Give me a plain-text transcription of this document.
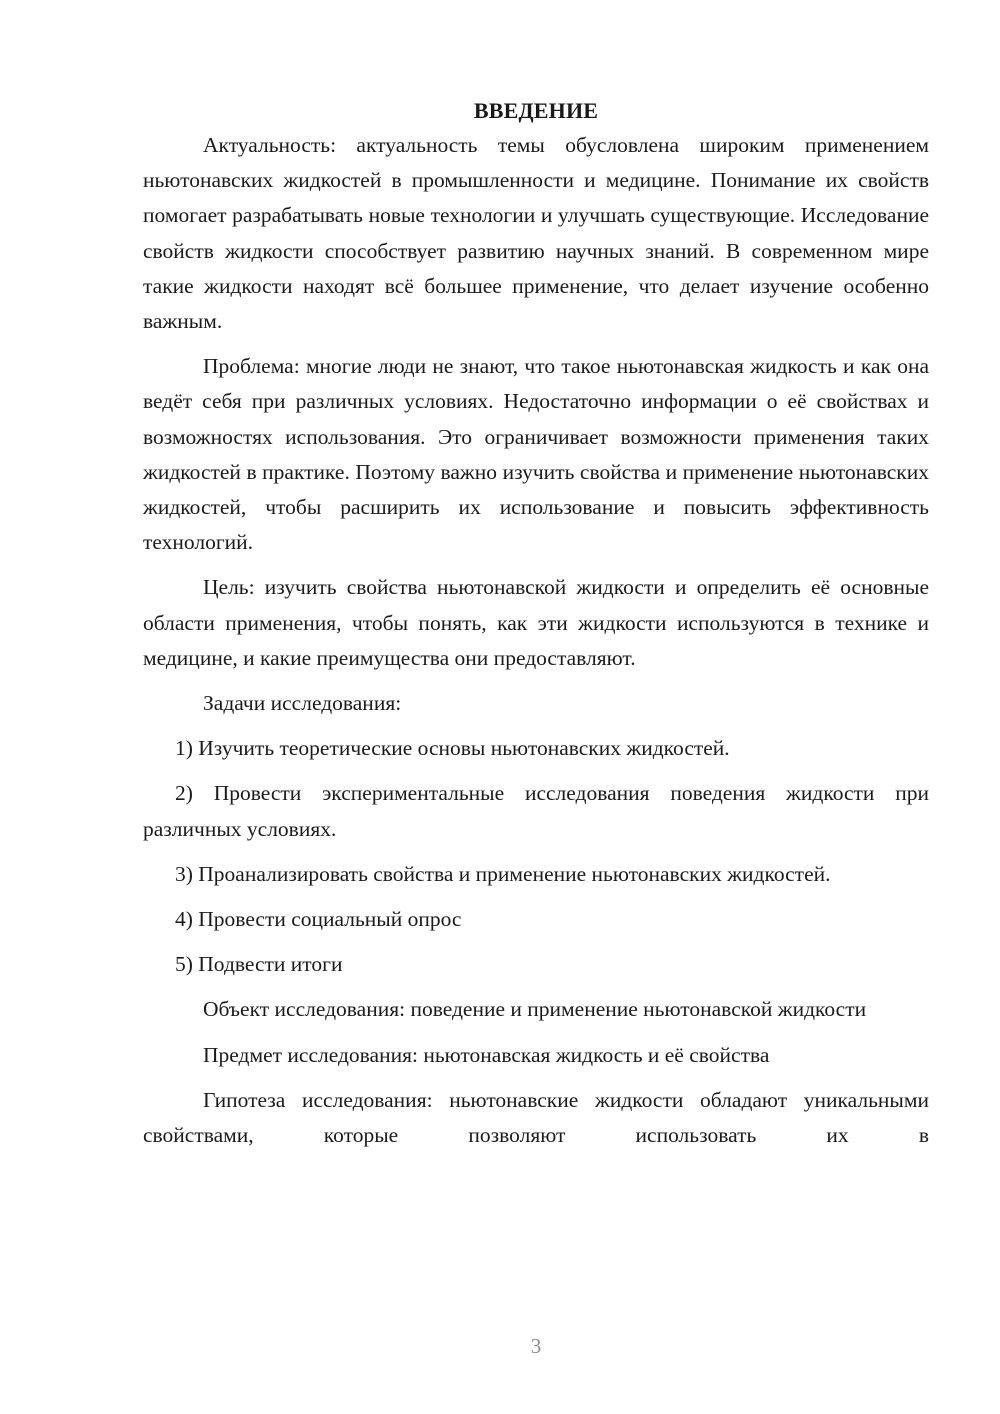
ВВЕДЕНИЕ

Актуальность: актуальность темы обусловлена широким применением ньютонавских жидкостей в промышленности и медицине. Понимание их свойств помогает разрабатывать новые технологии и улучшать существующие. Исследование свойств жидкости способствует развитию научных знаний. В современном мире такие жидкости находят всё большее применение, что делает изучение особенно важным.

Проблема: многие люди не знают, что такое ньютонавская жидкость и как она ведёт себя при различных условиях. Недостаточно информации о её свойствах и возможностях использования. Это ограничивает возможности применения таких жидкостей в практике. Поэтому важно изучить свойства и применение ньютонавских жидкостей, чтобы расширить их использование и повысить эффективность технологий.

Цель: изучить свойства ньютонавской жидкости и определить её основные области применения, чтобы понять, как эти жидкости используются в технике и медицине, и какие преимущества они предоставляют.

Задачи исследования:

1) Изучить теоретические основы ньютонавских жидкостей.

2) Провести экспериментальные исследования поведения жидкости при различных условиях.

3) Проанализировать свойства и применение ньютонавских жидкостей.

4) Провести социальный опрос

5) Подвести итоги

Объект исследования: поведение и применение ньютонавской жидкости

Предмет исследования: ньютонавская жидкость и её свойства

Гипотеза исследования: ньютонавские жидкости обладают уникальными свойствами, которые позволяют использовать их в

3
